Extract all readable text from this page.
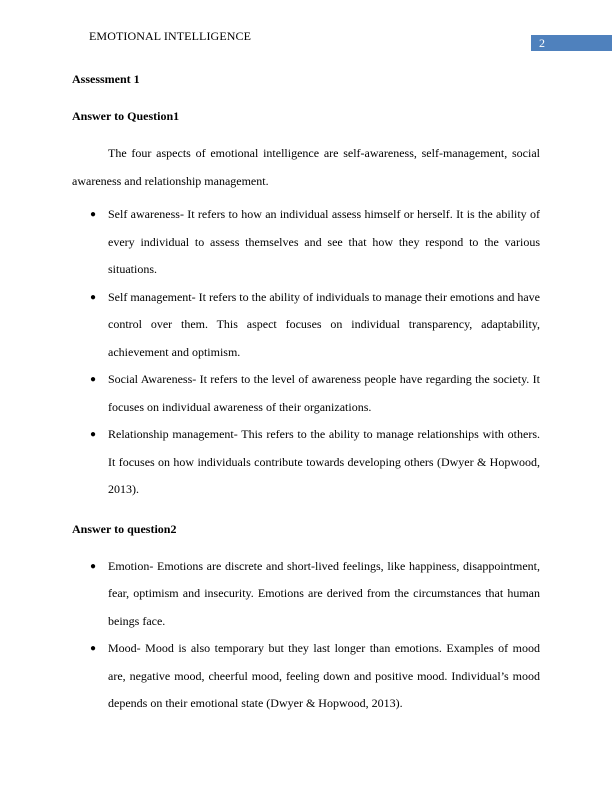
EMOTIONAL INTELLIGENCE	2

Assessment 1

Answer to Question1

The four aspects of emotional intelligence are self-awareness, self-management, social awareness and relationship management.

● Self awareness- It refers to how an individual assess himself or herself. It is the ability of every individual to assess themselves and see that how they respond to the various situations.
● Self management- It refers to the ability of individuals to manage their emotions and have control over them. This aspect focuses on individual transparency, adaptability, achievement and optimism.
● Social Awareness- It refers to the level of awareness people have regarding the society. It focuses on individual awareness of their organizations.
● Relationship management- This refers to the ability to manage relationships with others. It focuses on how individuals contribute towards developing others (Dwyer & Hopwood, 2013).

Answer to question2

● Emotion- Emotions are discrete and short-lived feelings, like happiness, disappointment, fear, optimism and insecurity. Emotions are derived from the circumstances that human beings face.
● Mood- Mood is also temporary but they last longer than emotions. Examples of mood are, negative mood, cheerful mood, feeling down and positive mood. Individual’s mood depends on their emotional state (Dwyer & Hopwood, 2013).
